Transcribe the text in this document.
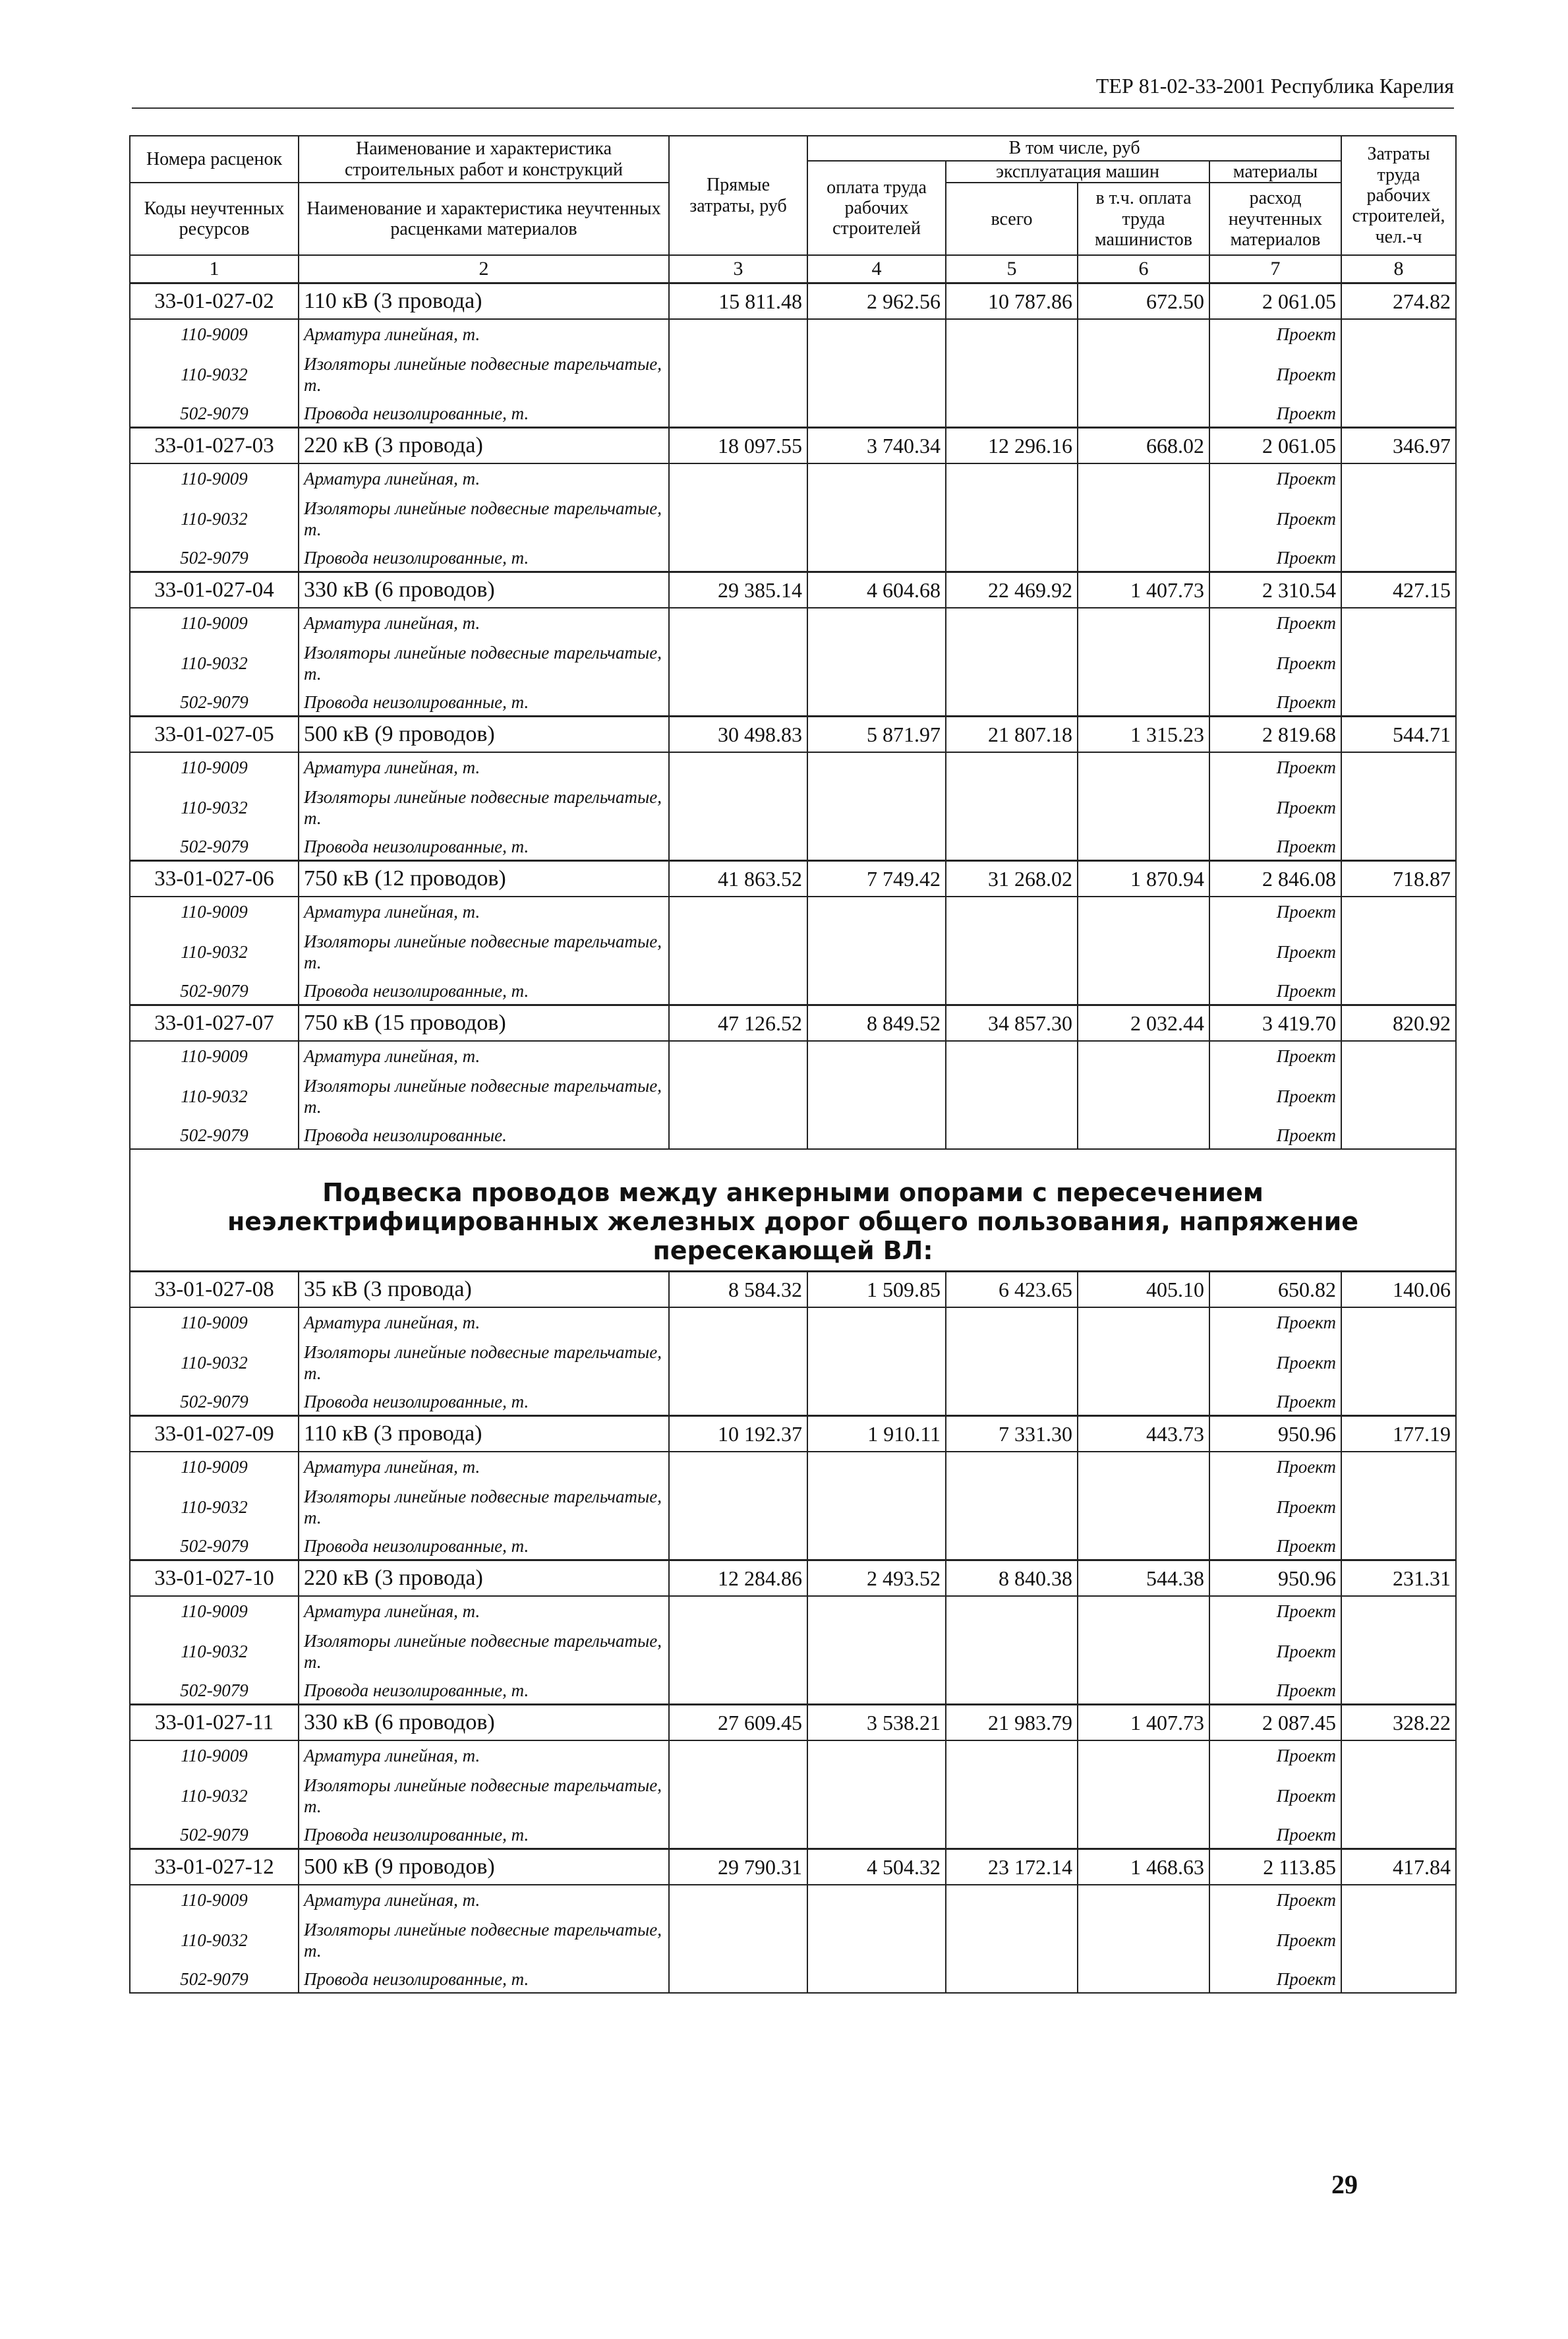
ТЕР 81-02-33-2001 Республика Карелия
Номера расценок	Наименование и характеристика строительных работ и конструкций	Прямые затраты, руб	В том числе, руб				Затраты труда рабочих строителей, чел.-ч
			оплата труда рабочих строителей	эксплуатация машин		материалы	
Коды неучтенных ресурсов	Наименование и характеристика неучтенных расценками материалов			всего	в т.ч. оплата труда машинистов	расход неучтенных материалов	

1	2	3	4	5	6	7	8
33-01-027-02	110 кВ (3 провода)	15 811.48	2 962.56	10 787.86	672.50	2 061.05	274.82
110-9009	Арматура линейная, т.					Проект	
110-9032	Изоляторы линейные подвесные тарельчатые, т.					Проект	
502-9079	Провода неизолированные, т.					Проект	
33-01-027-03	220 кВ (3 провода)	18 097.55	3 740.34	12 296.16	668.02	2 061.05	346.97
110-9009	Арматура линейная, т.					Проект	
110-9032	Изоляторы линейные подвесные тарельчатые, т.					Проект	
502-9079	Провода неизолированные, т.					Проект	
33-01-027-04	330 кВ (6 проводов)	29 385.14	4 604.68	22 469.92	1 407.73	2 310.54	427.15
110-9009	Арматура линейная, т.					Проект	
110-9032	Изоляторы линейные подвесные тарельчатые, т.					Проект	
502-9079	Провода неизолированные, т.					Проект	
33-01-027-05	500 кВ (9 проводов)	30 498.83	5 871.97	21 807.18	1 315.23	2 819.68	544.71
110-9009	Арматура линейная, т.					Проект	
110-9032	Изоляторы линейные подвесные тарельчатые, т.					Проект	
502-9079	Провода неизолированные, т.					Проект	
33-01-027-06	750 кВ (12 проводов)	41 863.52	7 749.42	31 268.02	1 870.94	2 846.08	718.87
110-9009	Арматура линейная, т.					Проект	
110-9032	Изоляторы линейные подвесные тарельчатые, т.					Проект	
502-9079	Провода неизолированные, т.					Проект	
33-01-027-07	750 кВ (15 проводов)	47 126.52	8 849.52	34 857.30	2 032.44	3 419.70	820.92
110-9009	Арматура линейная, т.					Проект	
110-9032	Изоляторы линейные подвесные тарельчатые, т.					Проект	
502-9079	Провода неизолированные.					Проект	
Подвеска проводов между анкерными опорами с пересечением неэлектрифицированных железных дорог общего пользования, напряжение пересекающей ВЛ:							
33-01-027-08	35 кВ (3 провода)	8 584.32	1 509.85	6 423.65	405.10	650.82	140.06
110-9009	Арматура линейная, т.					Проект	
110-9032	Изоляторы линейные подвесные тарельчатые, т.					Проект	
502-9079	Провода неизолированные, т.					Проект	
33-01-027-09	110 кВ (3 провода)	10 192.37	1 910.11	7 331.30	443.73	950.96	177.19
110-9009	Арматура линейная, т.					Проект	
110-9032	Изоляторы линейные подвесные тарельчатые, т.					Проект	
502-9079	Провода неизолированные, т.					Проект	
33-01-027-10	220 кВ (3 провода)	12 284.86	2 493.52	8 840.38	544.38	950.96	231.31
110-9009	Арматура линейная, т.					Проект	
110-9032	Изоляторы линейные подвесные тарельчатые, т.					Проект	
502-9079	Провода неизолированные, т.					Проект	
33-01-027-11	330 кВ (6 проводов)	27 609.45	3 538.21	21 983.79	1 407.73	2 087.45	328.22
110-9009	Арматура линейная, т.					Проект	
110-9032	Изоляторы линейные подвесные тарельчатые, т.					Проект	
502-9079	Провода неизолированные, т.					Проект	
33-01-027-12	500 кВ (9 проводов)	29 790.31	4 504.32	23 172.14	1 468.63	2 113.85	417.84
110-9009	Арматура линейная, т.					Проект	
110-9032	Изоляторы линейные подвесные тарельчатые, т.					Проект	
502-9079	Провода неизолированные, т.					Проект	
29
